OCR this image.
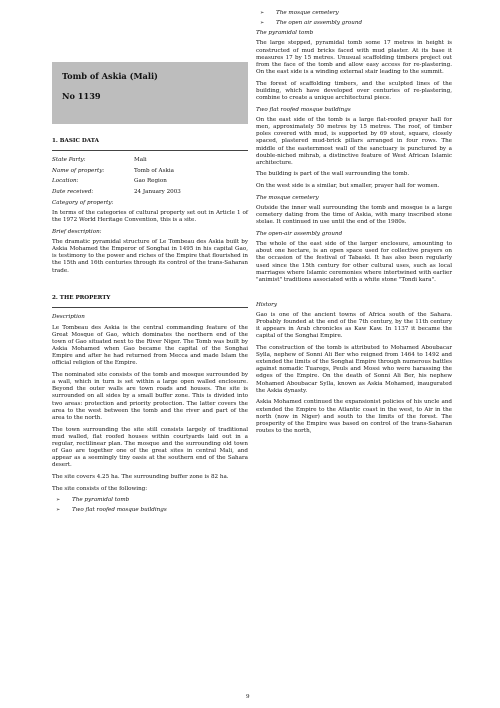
Tomb of Askia (Mali)
No 1139
1. BASIC DATA
State Party:	Mali
Name of property:	Tomb of Askia
Location:	Gao Region
Date received:	24 January 2003
Category of property:

In terms of the categories of cultural property set out in Article 1 of the 1972 World Heritage Convention, this is a site.

Brief description:

The dramatic pyramidal structure of Le Tombeau des Askia built by Askia Mohamed the Emperor of Songhai in 1495 in his capital Gao, is testimony to the power and riches of the Empire that flourished in the 15th and 16th centuries through its control of the trans-Saharan trade.

2. THE PROPERTY
Description

Le Tombeau des Askia is the central commanding feature of the Great Mosque of Gao, which dominates the northern end of the town of Gao situated next to the River Niger. The Tomb was built by Askia Mohamed when Gao became the capital of the Songhai Empire and after he had returned from Mecca and made Islam the official religion of the Empire.

The nominated site consists of the tomb and mosque surrounded by a wall, which in turn is set within a large open walled enclosure. Beyond the outer walls are town roads and houses. The site is surrounded on all sides by a small buffer zone. This is divided into two areas: protection and priority protection. The latter covers the area to the west between the tomb and the river and part of the area to the north.

The town surrounding the site still consists largely of traditional mud walled, flat roofed houses within courtyards laid out in a regular, rectilinear plan. The mosque and the surrounding old town of Gao are together one of the great sites in central Mali, and appear as a seemingly tiny oasis at the southern end of the Sahara desert.

The site covers 4.25 ha. The surrounding buffer zone is 82 ha.

The site consists of the following:

➢ The pyramidal tomb
➢ Two flat roofed mosque buildings
➢ The mosque cemetery
➢ The open air assembly ground
The pyramidal tomb

The large stepped, pyramidal tomb some 17 metres in height is constructed of mud bricks faced with mud plaster. At its base it measures 17 by 15 metres. Unusual scaffolding timbers project out from the face of the tomb and allow easy access for re-plastering. On the east side is a winding external stair leading to the summit.

The forest of scaffolding timbers, and the sculpted lines of the building, which have developed over centuries of re-plastering, combine to create a unique architectural piece.

Two flat roofed mosque buildings

On the east side of the tomb is a large flat-roofed prayer hall for men, approximately 50 metres by 15 metres. The roof, of timber poles covered with mud, is supported by 69 stout, square, closely spaced, plastered mud-brick pillars arranged in four rows. The middle of the easternmost wall of the sanctuary is punctured by a double-niched mihrab, a distinctive feature of West African Islamic architecture.

The building is part of the wall surrounding the tomb.

On the west side is a similar, but smaller, prayer hall for women.

The mosque cemetery

Outside the inner wall surrounding the tomb and mosque is a large cemetery dating from the time of Askia, with many inscribed stone stelae. It continued in use until the end of the 1980s.

The open-air assembly ground

The whole of the east side of the larger enclosure, amounting to about one hectare, is an open space used for collective prayers on the occasion of the festival of Tabaski. It has also been regularly used since the 15th century for other cultural uses, such as local marriages where Islamic ceremonies where intertwined with earlier "animist" traditions associated with a white stone "Tondi kara".

History

Gao is one of the ancient towns of Africa south of the Sahara. Probably founded at the end of the 7th century, by the 11th century it appears in Arab chronicles as Kaw Kaw. In 1137 it became the capital of the Songhai Empire.

The construction of the tomb is attributed to Mohamed Aboubacar Sylla, nephew of Sonni Ali Ber who reigned from 1464 to 1492 and extended the limits of the Songhai Empire through numerous battles against nomadic Tuaregs, Peuls and Mossi who were harassing the edges of the Empire. On the death of Sonni Ali Ber, his nephew Mohamed Aboubacar Sylla, known as Askia Mohamed, inaugurated the Askia dynasty.

Askia Mohamed continued the expansionist policies of his uncle and extended the Empire to the Atlantic coast in the west, to Air in the north (now in Niger) and south to the limits of the forest. The prosperity of the Empire was based on control of the trans-Saharan routes to the north,

9
